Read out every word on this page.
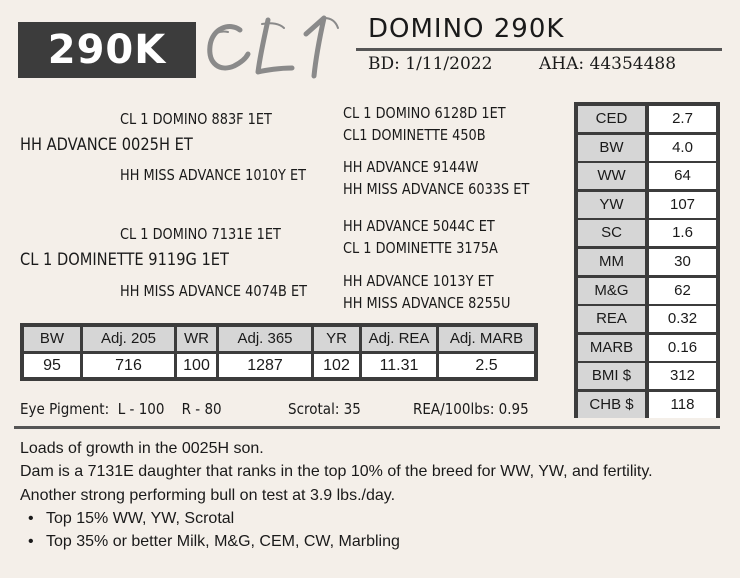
290K	DOMINO 290K
BD: 1/11/2022	AHA: 44354488
CL 1 DOMINO 883F 1ET
HH ADVANCE 0025H ET
HH MISS ADVANCE 1010Y ET
CL 1 DOMINO 6128D 1ET
CL1 DOMINETTE 450B
HH ADVANCE 9144W
HH MISS ADVANCE 6033S ET
CL 1 DOMINO 7131E 1ET
CL 1 DOMINETTE 9119G 1ET
HH MISS ADVANCE 4074B ET
HH ADVANCE 5044C ET
CL 1 DOMINETTE 3175A
HH ADVANCE 1013Y ET
HH MISS ADVANCE 8255U
CED	2.7
BW	4.0
WW	64
YW	107
SC	1.6
MM	30
M&G	62
REA	0.32
MARB	0.16
BMI $	312
CHB $	118
BW	Adj. 205	WR	Adj. 365	YR	Adj. REA	Adj. MARB
95	716	100	1287	102	11.31	2.5
Eye Pigment:  L - 100    R - 80	Scrotal: 35	REA/100lbs: 0.95
Loads of growth in the 0025H son.
Dam is a 7131E daughter that ranks in the top 10% of the breed for WW, YW, and fertility.
Another strong performing bull on test at 3.9 lbs./day.
• Top 15% WW, YW, Scrotal
• Top 35% or better Milk, M&G, CEM, CW, Marbling
